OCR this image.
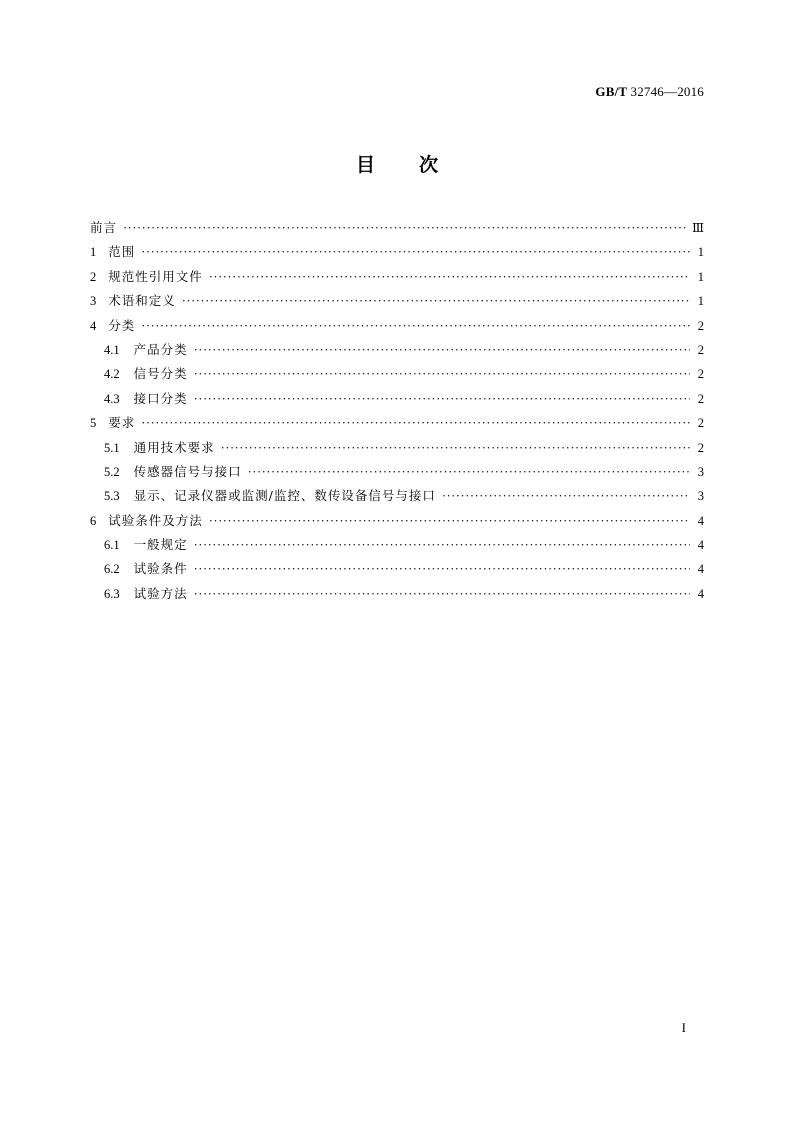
GB/T 32746—2016
目次
前言 ·····	Ⅲ
1 范围 ·····	1
2 规范性引用文件 ·····	1
3 术语和定义 ·····	1
4 分类 ·····	2
4.1 产品分类 ·····	2
4.2 信号分类 ·····	2
4.3 接口分类 ·····	2
5 要求 ·····	2
5.1 通用技术要求 ·····	2
5.2 传感器信号与接口 ·····	3
5.3 显示、记录仪器或监测/监控、数传设备信号与接口 ·····	3
6 试验条件及方法 ·····	4
6.1 一般规定 ·····	4
6.2 试验条件 ·····	4
6.3 试验方法 ·····	4
I
